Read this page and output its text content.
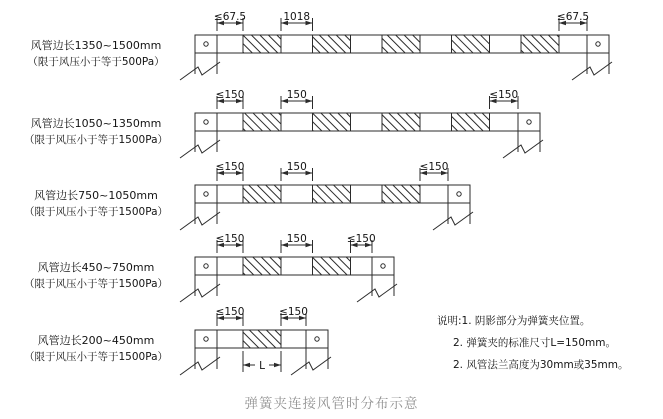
≤67.5	1018	≤67.5
≤150	150	≤150
≤150	150	≤150
≤150	150	≤150
≤150	≤150
L
风管边长1350~1500mm
（限于风压小于等于500Pa）
风管边长1050~1350mm
（限于风压小于等于1500Pa）
风管边长750~1050mm
（限于风压小于等于1500Pa）
风管边长450~750mm
（限于风压小于等于1500Pa）
风管边长200~450mm
（限于风压小于等于1500Pa）
说明:1. 阴影部分为弹簧夹位置。
2. 弹簧夹的标准尺寸L=150mm。
2. 风管法兰高度为30mm或35mm。
弹簧夹连接风管时分布示意
